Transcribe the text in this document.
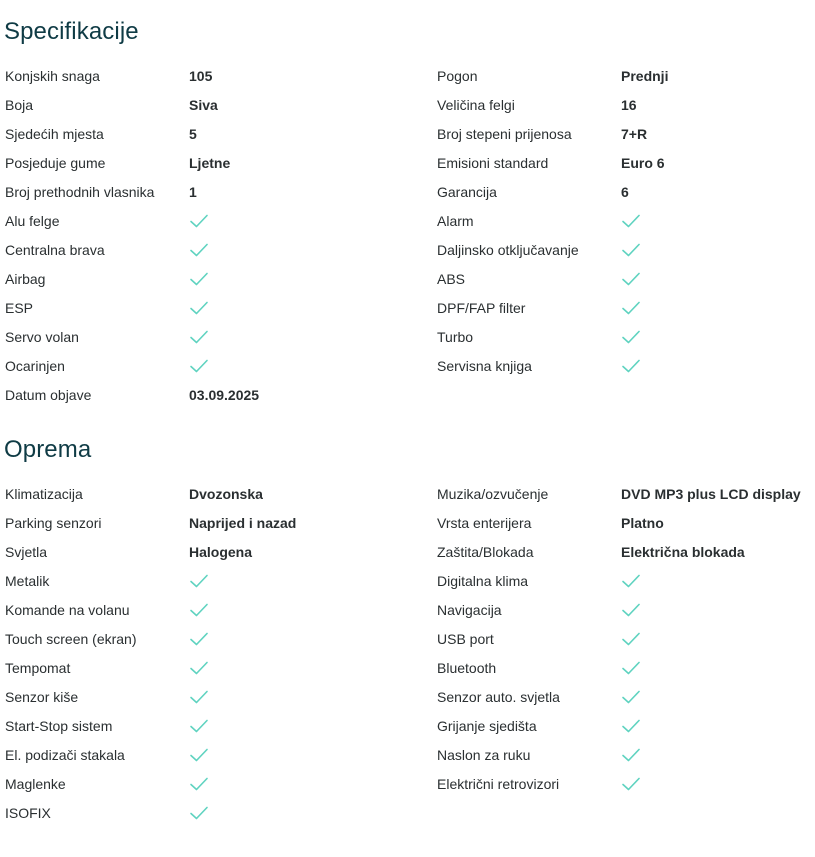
Specifikacije
Konjskih snaga	105	Pogon	Prednji
Boja	Siva	Veličina felgi	16
Sjedećih mjesta	5	Broj stepeni prijenosa	7+R
Posjeduje gume	Ljetne	Emisioni standard	Euro 6
Broj prethodnih vlasnika 1	Garancija	6
Alu felge	Alarm
Centralna brava	Daljinsko otključavanje
Airbag	ABS
ESP	DPF/FAP filter
Servo volan	Turbo
Ocarinjen	Servisna knjiga
Datum objave	03.09.2025
Oprema
Klimatizacija	Dvozonska	Muzika/ozvučenje	DVD MP3 plus LCD display
Parking senzori	Naprijed i nazad	Vrsta enterijera	Platno
Svjetla	Halogena	Zaštita/Blokada	Električna blokada
Metalik	Digitalna klima
Komande na volanu	Navigacija
Touch screen (ekran)	USB port
Tempomat	Bluetooth
Senzor kiše	Senzor auto. svjetla
Start-Stop sistem	Grijanje sjedišta
El. podizači stakala	Naslon za ruku
Maglenke	Električni retrovizori
ISOFIX
